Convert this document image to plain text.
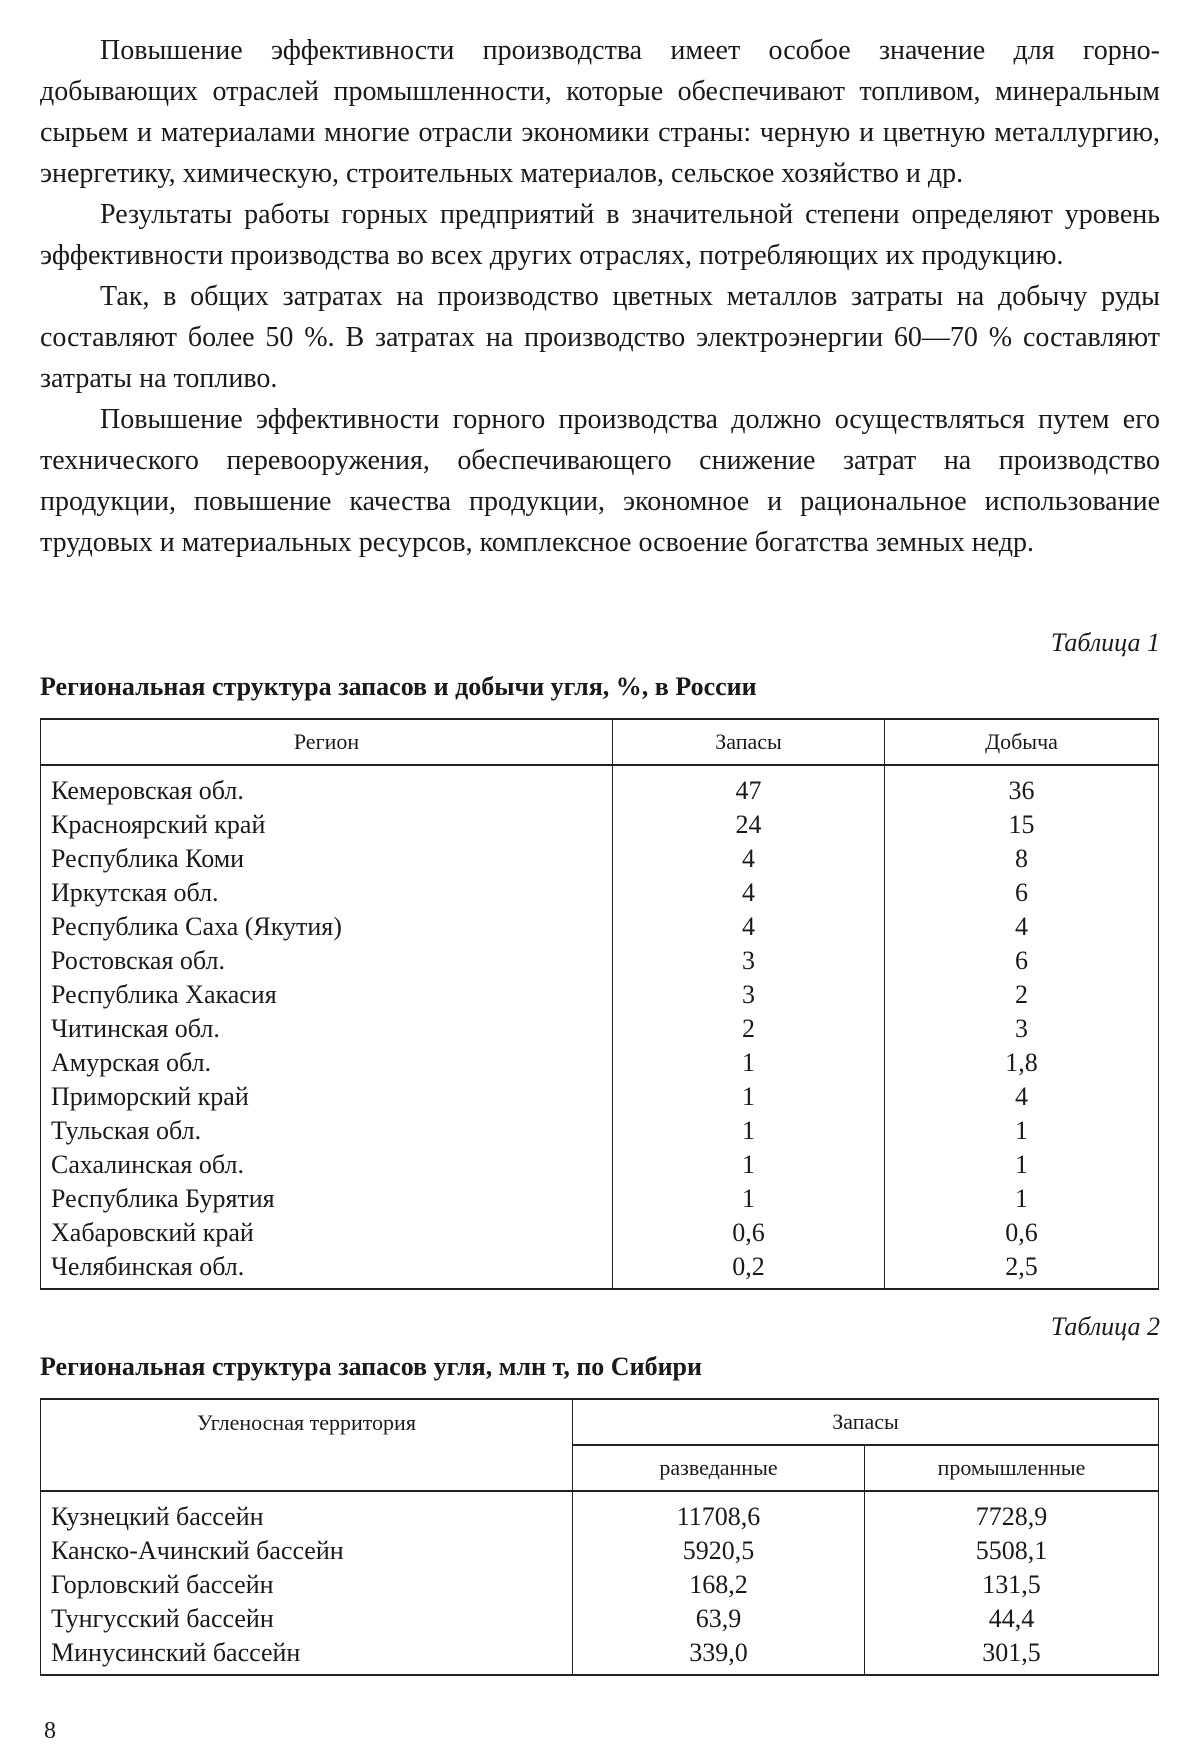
Повышение эффективности производства имеет особое значение для горно-добывающих отраслей промышленности, которые обеспечивают топливом, минеральным сырьем и материалами многие отрасли экономики страны: черную и цветную металлургию, энергетику, химическую, строительных материалов, сельское хозяйство и др.

Результаты работы горных предприятий в значительной степени определяют уровень эффективности производства во всех других отраслях, потребляющих их продукцию.

Так, в общих затратах на производство цветных металлов затраты на добычу руды составляют более 50 %. В затратах на производство электроэнергии 60—70 % составляют затраты на топливо.

Повышение эффективности горного производства должно осуществляться путем его технического перевооружения, обеспечивающего снижение затрат на производство продукции, повышение качества продукции, экономное и рациональное использование трудовых и материальных ресурсов, комплексное освоение богатства земных недр.

Таблица 1
Региональная структура запасов и добычи угля, %, в России
Регион	Запасы	Добыча
Кемеровская обл.	47	36
Красноярский край	24	15
Республика Коми	4	8
Иркутская обл.	4	6
Республика Саха (Якутия)	4	4
Ростовская обл.	3	6
Республика Хакасия	3	2
Читинская обл.	2	3
Амурская обл.	1	1,8
Приморский край	1	4
Тульская обл.	1	1
Сахалинская обл.	1	1
Республика Бурятия	1	1
Хабаровский край	0,6	0,6
Челябинская обл.	0,2	2,5
Таблица 2
Региональная структура запасов угля, млн т, по Сибири
Угленосная территория	Запасы	
	разведанные	промышленные
Кузнецкий бассейн	11708,6	7728,9
Канско-Ачинский бассейн	5920,5	5508,1
Горловский бассейн	168,2	131,5
Тунгусский бассейн	63,9	44,4
Минусинский бассейн	339,0	301,5
8
